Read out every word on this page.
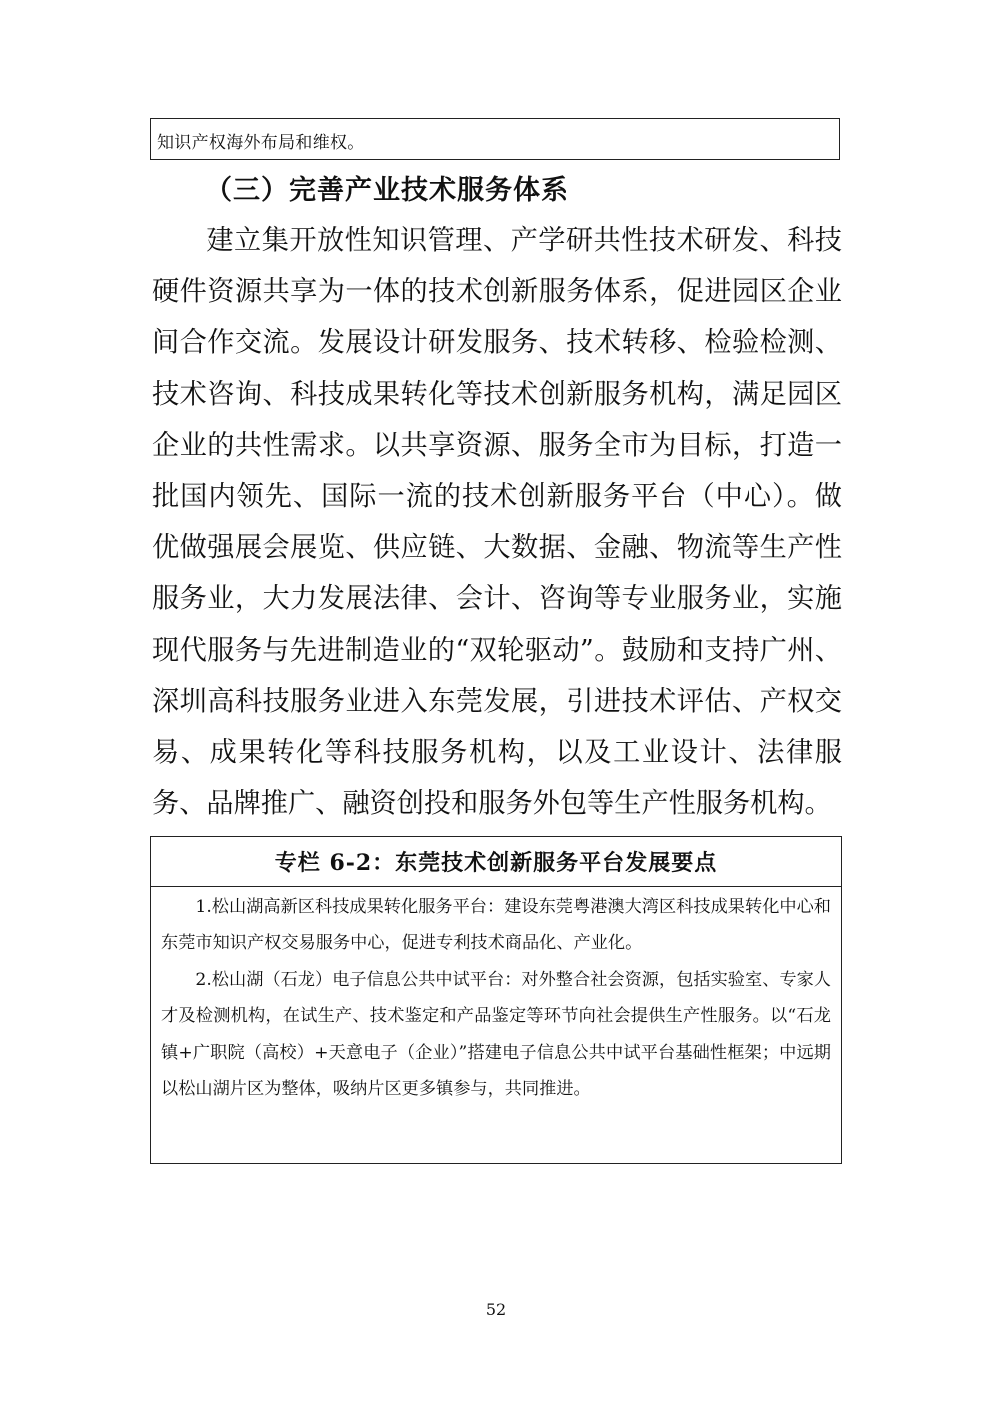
知识产权海外布局和维权。
（三）完善产业技术服务体系
建立集开放性知识管理、产学研共性技术研发、科技硬件资源共享为一体的技术创新服务体系，促进园区企业间合作交流。发展设计研发服务、技术转移、检验检测、技术咨询、科技成果转化等技术创新服务机构，满足园区企业的共性需求。以共享资源、服务全市为目标，打造一批国内领先、国际一流的技术创新服务平台（中心）。做优做强展会展览、供应链、大数据、金融、物流等生产性服务业，大力发展法律、会计、咨询等专业服务业，实施现代服务与先进制造业的“双轮驱动”。鼓励和支持广州、深圳高科技服务业进入东莞发展，引进技术评估、产权交易、成果转化等科技服务机构，以及工业设计、法律服务、品牌推广、融资创投和服务外包等生产性服务机构。
专栏 6-2：东莞技术创新服务平台发展要点

1.松山湖高新区科技成果转化服务平台：建设东莞粤港澳大湾区科技成果转化中心和东莞市知识产权交易服务中心，促进专利技术商品化、产业化。

2.松山湖（石龙）电子信息公共中试平台：对外整合社会资源，包括实验室、专家人才及检测机构，在试生产、技术鉴定和产品鉴定等环节向社会提供生产性服务。以“石龙镇+广职院（高校）+天意电子（企业）”搭建电子信息公共中试平台基础性框架；中远期以松山湖片区为整体，吸纳片区更多镇参与，共同推进。

52
